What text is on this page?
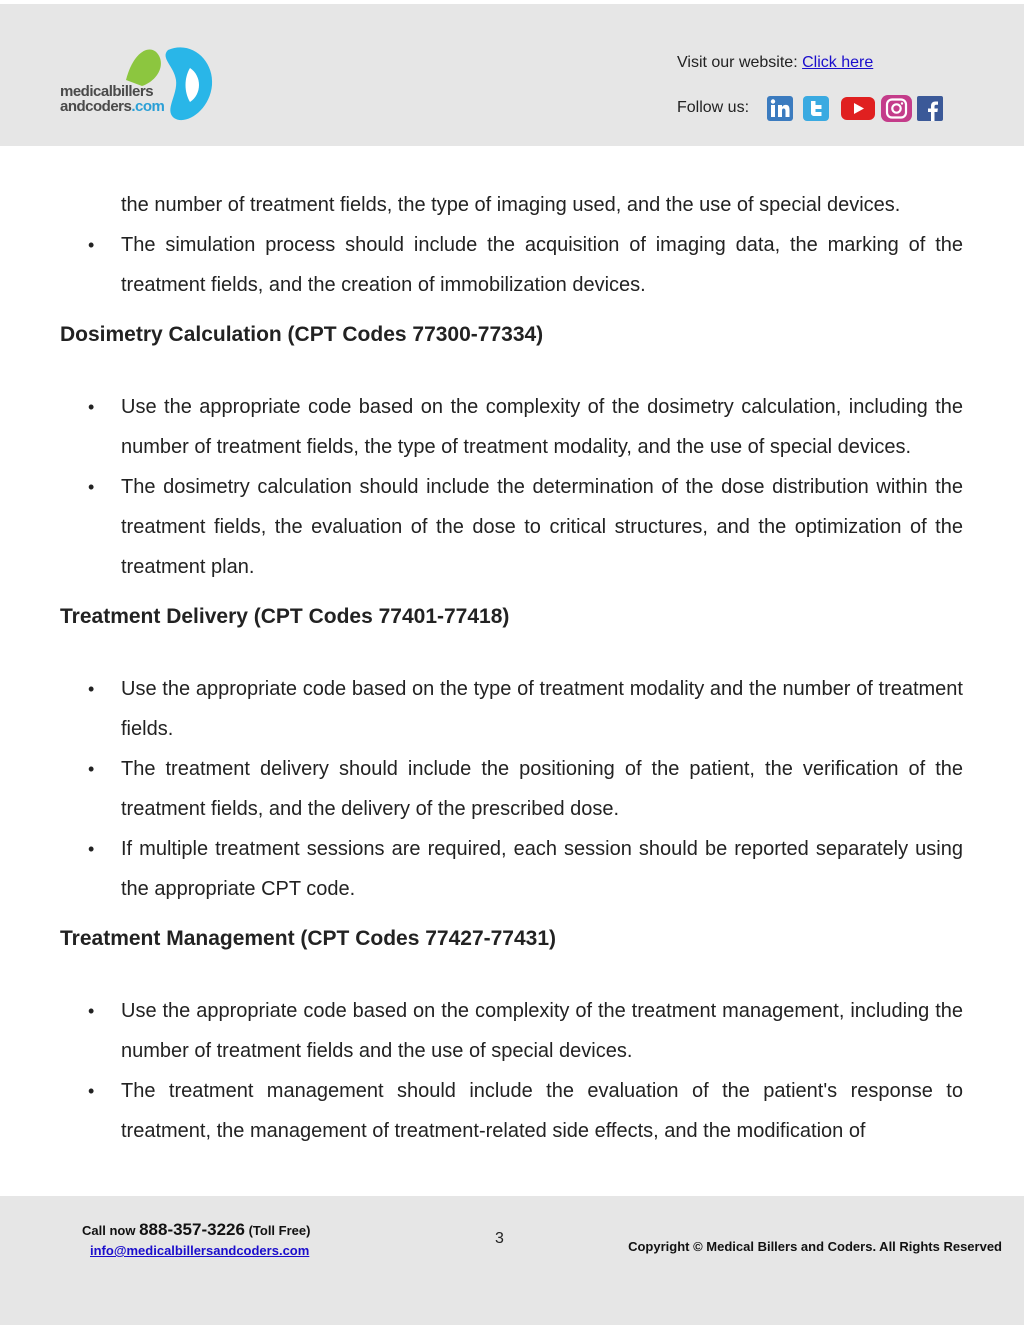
medicalbillers
andcoders.com
Visit our website: Click here
Follow us:
the number of treatment fields, the type of imaging used, and the use of special devices.
• The simulation process should include the acquisition of imaging data, the marking of the treatment fields, and the creation of immobilization devices.
Dosimetry Calculation (CPT Codes 77300-77334)
• Use the appropriate code based on the complexity of the dosimetry calculation, including the number of treatment fields, the type of treatment modality, and the use of special devices.
• The dosimetry calculation should include the determination of the dose distribution within the treatment fields, the evaluation of the dose to critical structures, and the optimization of the treatment plan.
Treatment Delivery (CPT Codes 77401-77418)
• Use the appropriate code based on the type of treatment modality and the number of treatment fields.
• The treatment delivery should include the positioning of the patient, the verification of the treatment fields, and the delivery of the prescribed dose.
• If multiple treatment sessions are required, each session should be reported separately using the appropriate CPT code.
Treatment Management (CPT Codes 77427-77431)
• Use the appropriate code based on the complexity of the treatment management, including the number of treatment fields and the use of special devices.
• The treatment management should include the evaluation of the patient's response to treatment, the management of treatment-related side effects, and the modification of
Call now 888-357-3226 (Toll Free)
info@medicalbillersandcoders.com
3	Copyright © Medical Billers and Coders. All Rights Reserved
